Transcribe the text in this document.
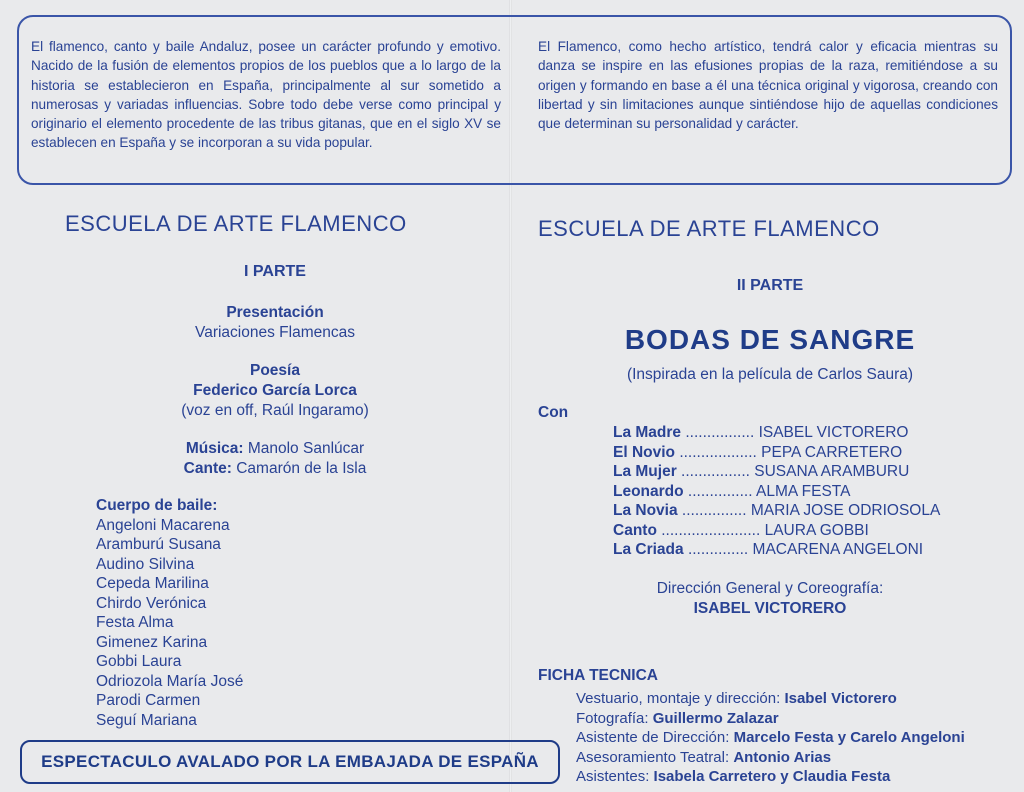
El flamenco, canto y baile Andaluz, posee un carácter profundo y emotivo. Nacido de la fusión de elementos propios de los pueblos que a lo largo de la historia se establecieron en España, principalmente al sur sometido a numerosas y variadas influencias. Sobre todo debe verse como principal y originario el elemento procedente de las tribus gitanas, que en el siglo XV se establecen en España y se incorporan a su vida popular.

El Flamenco, como hecho artístico, tendrá calor y eficacia mientras su danza se inspire en las efusiones propias de la raza, remitiéndose a su origen y formando en base a él una técnica original y vigorosa, creando con libertad y sin limitaciones aunque sintiéndose hijo de aquellas condiciones que determinan su personalidad y carácter.

ESCUELA DE ARTE FLAMENCO
I PARTE
Presentación
Variaciones Flamencas
Poesía
Federico García Lorca
(voz en off, Raúl Ingaramo)
Música: Manolo Sanlúcar
Cante: Camarón de la Isla
Cuerpo de baile:
Angeloni Macarena
Aramburú Susana
Audino Silvina
Cepeda Marilina
Chirdo Verónica
Festa Alma
Gimenez Karina
Gobbi Laura
Odriozola María José
Parodi Carmen
Seguí Mariana
ESPECTACULO AVALADO POR LA EMBAJADA DE ESPAÑA
ESCUELA DE ARTE FLAMENCO
II PARTE
BODAS DE SANGRE
(Inspirada en la película de Carlos Saura)
Con
La Madre ................ ISABEL VICTORERO
El Novio .................. PEPA CARRETERO
La Mujer ................ SUSANA ARAMBURU
Leonardo ............... ALMA FESTA
La Novia ............... MARIA JOSE ODRIOSOLA
Canto ....................... LAURA GOBBI
La Criada .............. MACARENA ANGELONI
Dirección General y Coreografía:
ISABEL VICTORERO
FICHA TECNICA
Vestuario, montaje y dirección: Isabel Victorero
Fotografía: Guillermo Zalazar
Asistente de Dirección: Marcelo Festa y Carelo Angeloni
Asesoramiento Teatral: Antonio Arias
Asistentes: Isabela Carretero y Claudia Festa
